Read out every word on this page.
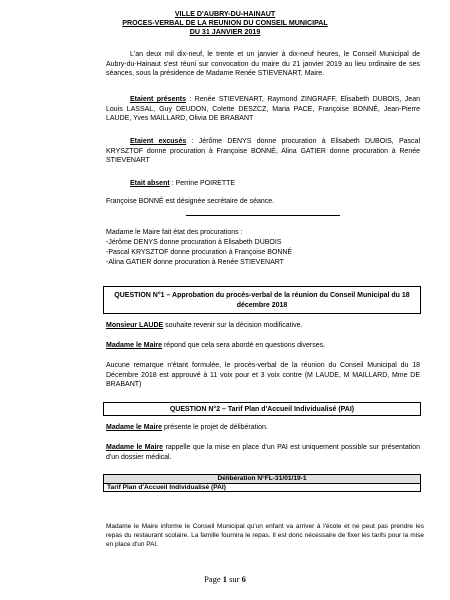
VILLE D'AUBRY-DU-HAINAUT
PROCES-VERBAL DE LA REUNION DU CONSEIL MUNICIPAL
DU 31 JANVIER 2019
L'an deux mil dix-neuf, le trente et un janvier à dix-neuf heures, le Conseil Municipal de Aubry-du-Hainaut s'est réuni sur convocation du maire du 21 janvier 2019 au lieu ordinaire de ses séances, sous la présidence de Madame Renée STIEVENART, Maire.
Etaient présents : Renée STIEVENART, Raymond ZINGRAFF, Elisabeth DUBOIS, Jean Louis LASSAL, Guy DEUDON, Colette DESZCZ, Maria PACE, Françoise BONNÉ, Jean-Pierre LAUDE, Yves MAILLARD, Olivia DE BRABANT
Etaient excusés : Jérôme DENYS donne procuration à Elisabeth DUBOIS, Pascal KRYSZTOF donne procuration à Françoise BONNÉ, Alina GATIER donne procuration à Renée STIEVENART
Etait absent : Perrine POIRETTE
Françoise BONNÉ est désignée secrétaire de séance.
Madame le Maire fait état des procurations :
-Jérôme DENYS donne procuration à Elisabeth DUBOIS
-Pascal KRYSZTOF donne procuration à Françoise BONNÉ
-Alina GATIER donne procuration à Renée STIEVENART
QUESTION N°1 – Approbation du procès-verbal de la réunion du Conseil Municipal du 18 décembre 2018
Monsieur LAUDE souhaite revenir sur la décision modificative.
Madame le Maire répond que cela sera abordé en questions diverses.
Aucune remarque n'étant formulée, le procès-verbal de la réunion du Conseil Municipal du 18 Décembre 2018 est approuvé à 11 voix pour et 3 voix contre (M LAUDE, M MAILLARD, Mme DE BRABANT)
QUESTION N°2 – Tarif Plan d'Accueil Individualisé (PAI)
Madame le Maire présente le projet de délibération.
Madame le Maire rappelle que la mise en place d'un PAI est uniquement possible sur présentation d'un dossier médical.
Délibération N°FL-31/01/19-1
Tarif Plan d'Accueil Individualisé (PAI)
Madame le Maire informe le Conseil Municipal qu'un enfant va arriver à l'école et ne peut pas prendre les repas du restaurant scolaire. La famille fournira le repas. Il est donc nécessaire de fixer les tarifs pour la mise en place d'un PAI.
Page 1 sur 6
